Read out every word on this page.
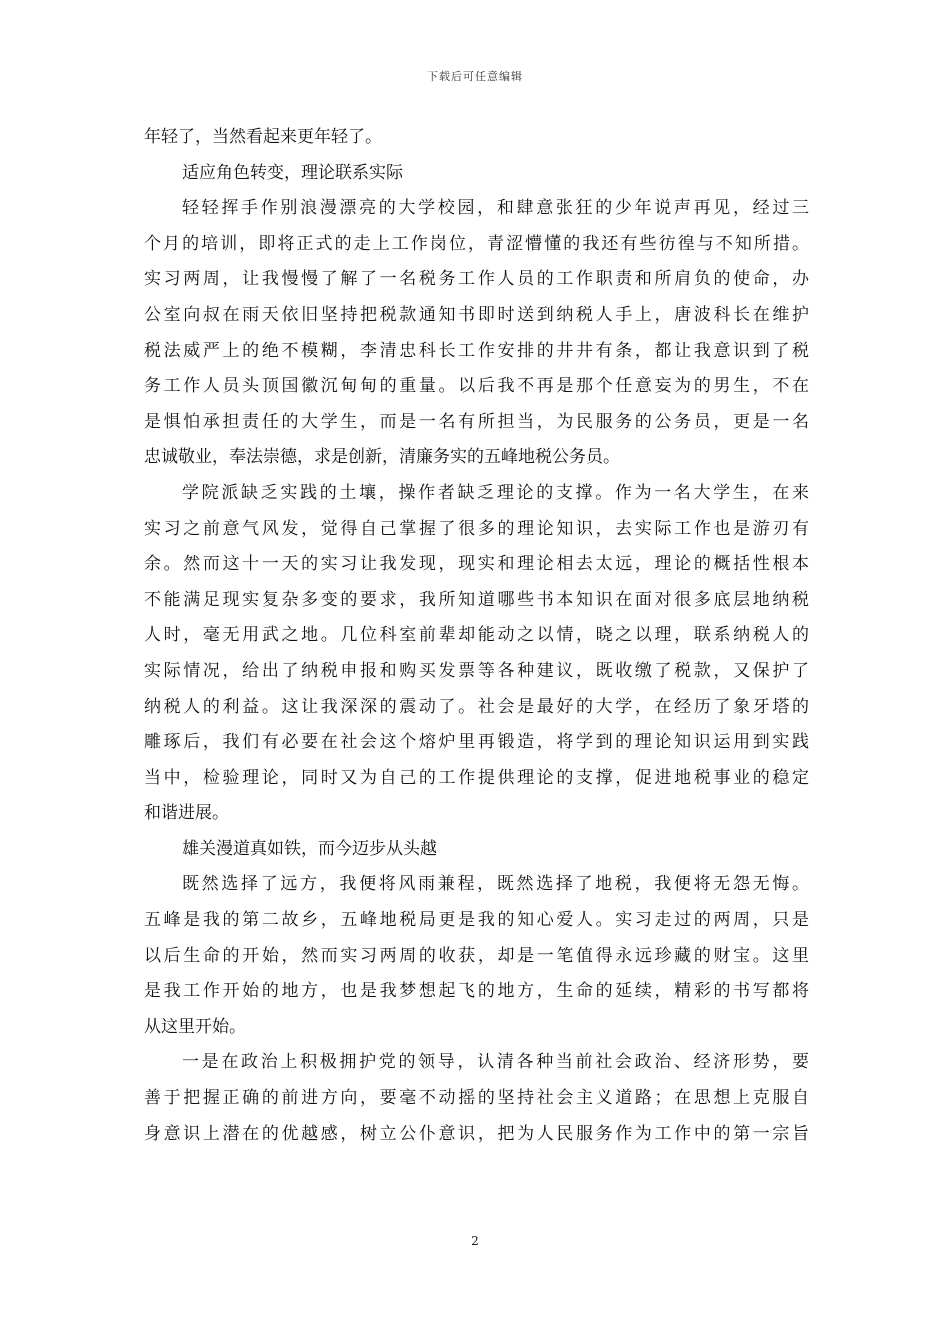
下载后可任意编辑
年轻了，当然看起来更年轻了。
适应角色转变，理论联系实际
轻轻挥手作别浪漫漂亮的大学校园，和肆意张狂的少年说声再见，经过三
个月的培训，即将正式的走上工作岗位，青涩懵懂的我还有些彷徨与不知所措。
实习两周，让我慢慢了解了一名税务工作人员的工作职责和所肩负的使命，办
公室向叔在雨天依旧坚持把税款通知书即时送到纳税人手上，唐波科长在维护
税法威严上的绝不模糊，李清忠科长工作安排的井井有条，都让我意识到了税
务工作人员头顶国徽沉甸甸的重量。以后我不再是那个任意妄为的男生，不在
是惧怕承担责任的大学生，而是一名有所担当，为民服务的公务员，更是一名
忠诚敬业，奉法崇德，求是创新，清廉务实的五峰地税公务员。
学院派缺乏实践的土壤，操作者缺乏理论的支撑。作为一名大学生，在来
实习之前意气风发，觉得自己掌握了很多的理论知识，去实际工作也是游刃有
余。然而这十一天的实习让我发现，现实和理论相去太远，理论的概括性根本
不能满足现实复杂多变的要求，我所知道哪些书本知识在面对很多底层地纳税
人时，毫无用武之地。几位科室前辈却能动之以情，晓之以理，联系纳税人的
实际情况，给出了纳税申报和购买发票等各种建议，既收缴了税款，又保护了
纳税人的利益。这让我深深的震动了。社会是最好的大学，在经历了象牙塔的
雕琢后，我们有必要在社会这个熔炉里再锻造，将学到的理论知识运用到实践
当中，检验理论，同时又为自己的工作提供理论的支撑，促进地税事业的稳定
和谐进展。
雄关漫道真如铁，而今迈步从头越
既然选择了远方，我便将风雨兼程，既然选择了地税，我便将无怨无悔。
五峰是我的第二故乡，五峰地税局更是我的知心爱人。实习走过的两周，只是
以后生命的开始，然而实习两周的收获，却是一笔值得永远珍藏的财宝。这里
是我工作开始的地方，也是我梦想起飞的地方，生命的延续，精彩的书写都将
从这里开始。
一是在政治上积极拥护党的领导，认清各种当前社会政治、经济形势，要
善于把握正确的前进方向，要毫不动摇的坚持社会主义道路；在思想上克服自
身意识上潜在的优越感，树立公仆意识，把为人民服务作为工作中的第一宗旨
2
